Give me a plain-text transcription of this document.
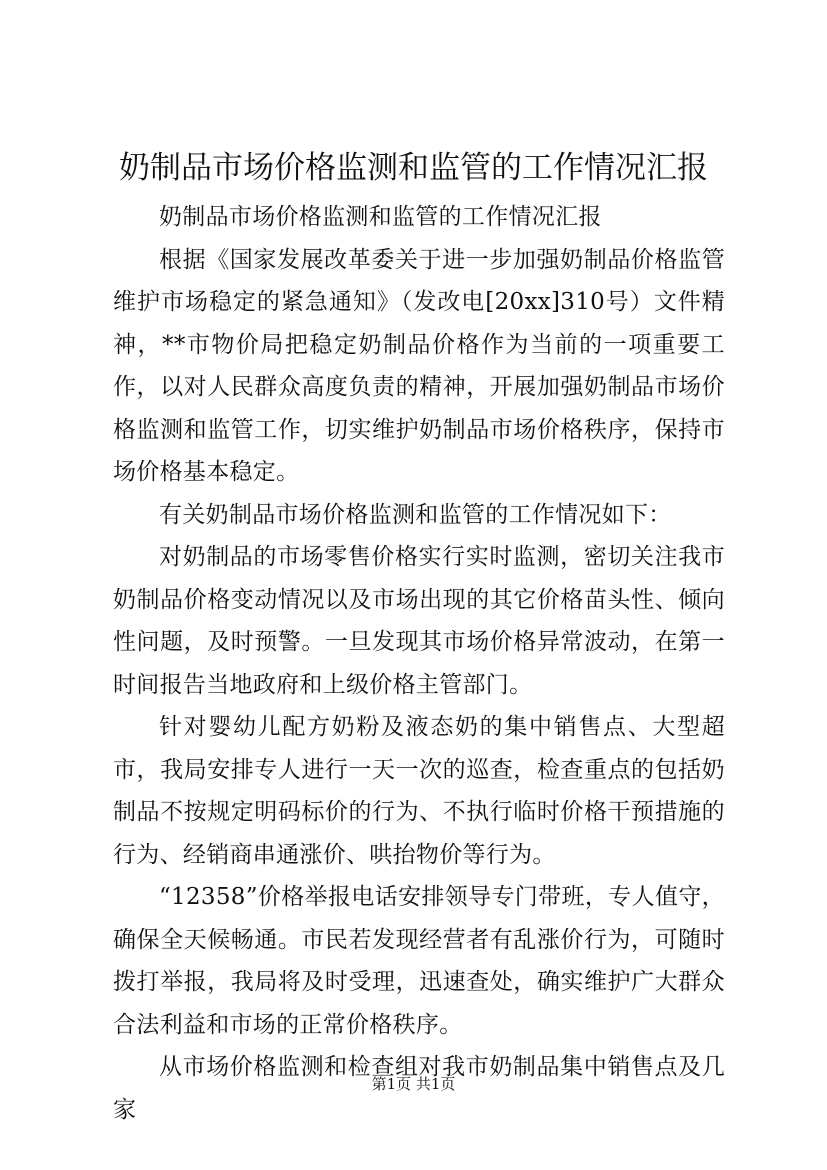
奶制品市场价格监测和监管的工作情况汇报

奶制品市场价格监测和监管的工作情况汇报

根据《国家发展改革委关于进一步加强奶制品价格监管维护市场稳定的紧急通知》（发改电[20xx]310号）文件精神，**市物价局把稳定奶制品价格作为当前的一项重要工作，以对人民群众高度负责的精神，开展加强奶制品市场价格监测和监管工作，切实维护奶制品市场价格秩序，保持市场价格基本稳定。

有关奶制品市场价格监测和监管的工作情况如下：

对奶制品的市场零售价格实行实时监测，密切关注我市奶制品价格变动情况以及市场出现的其它价格苗头性、倾向性问题，及时预警。一旦发现其市场价格异常波动，在第一时间报告当地政府和上级价格主管部门。

针对婴幼儿配方奶粉及液态奶的集中销售点、大型超市，我局安排专人进行一天一次的巡查，检查重点的包括奶制品不按规定明码标价的行为、不执行临时价格干预措施的行为、经销商串通涨价、哄抬物价等行为。

“12358”价格举报电话安排领导专门带班，专人值守，确保全天候畅通。市民若发现经营者有乱涨价行为，可随时拨打举报，我局将及时受理，迅速查处，确实维护广大群众合法利益和市场的正常价格秩序。

从市场价格监测和检查组对我市奶制品集中销售点及几家

第1页 共1页
